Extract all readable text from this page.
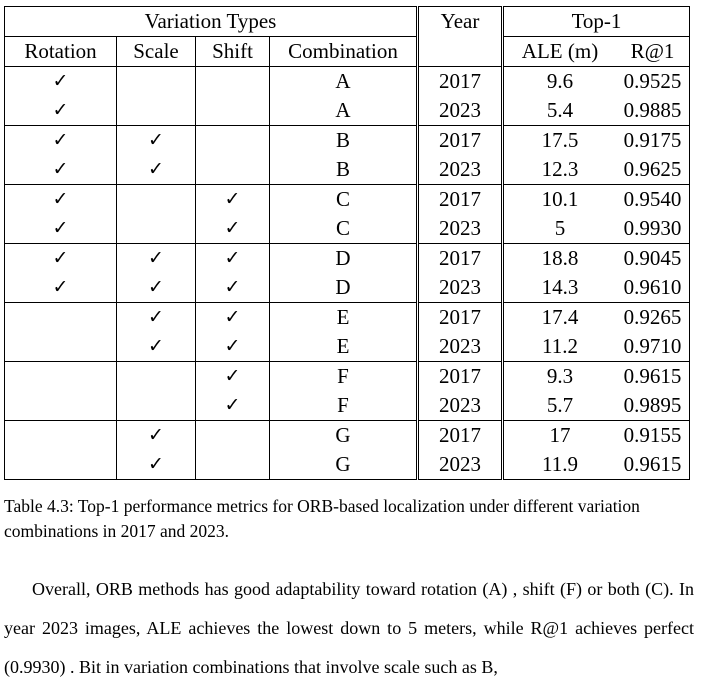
Variation Types				Year	Top-1	
Rotation	Scale	Shift	Combination		ALE (m)	R@1
✓			A	2017	9.6	0.9525
✓			A	2023	5.4	0.9885
✓	✓		B	2017	17.5	0.9175
✓	✓		B	2023	12.3	0.9625
✓		✓	C	2017	10.1	0.9540
✓		✓	C	2023	5	0.9930
✓	✓	✓	D	2017	18.8	0.9045
✓	✓	✓	D	2023	14.3	0.9610
	✓	✓	E	2017	17.4	0.9265
	✓	✓	E	2023	11.2	0.9710
		✓	F	2017	9.3	0.9615
		✓	F	2023	5.7	0.9895
	✓		G	2017	17	0.9155
	✓		G	2023	11.9	0.9615
Table 4.3: Top-1 performance metrics for ORB-based localization under different variation combinations in 2017 and 2023.

Overall, ORB methods has good adaptability toward rotation (A) , shift (F) or both (C). In year 2023 images, ALE achieves the lowest down to 5 meters, while R@1 achieves perfect (0.9930) . Bit in variation combinations that involve scale such as B,
